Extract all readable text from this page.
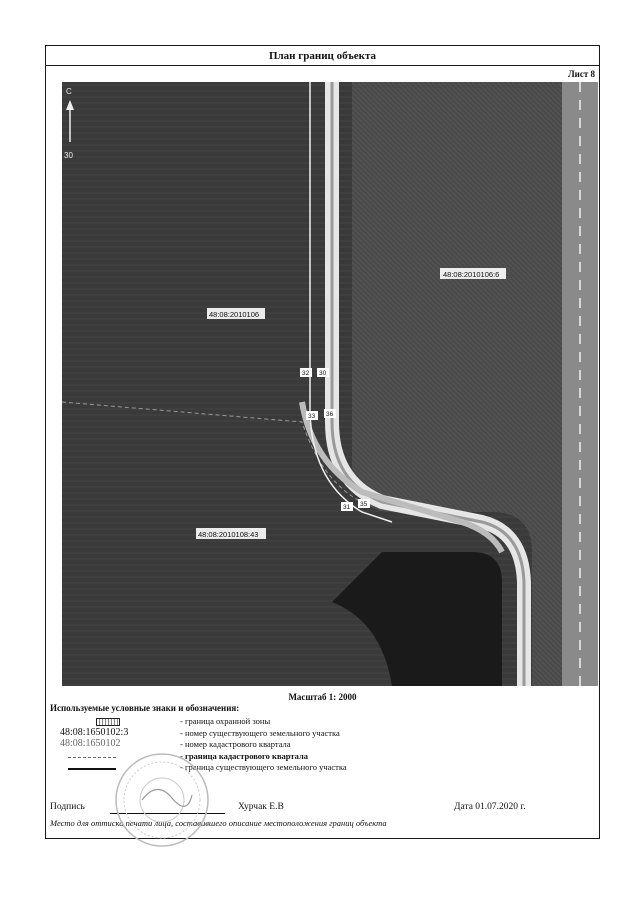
План границ объекта
Лист 8
С
30
48:08:2010106:6
48:08:2010106
48:08:2010108:43
32 30
33 36
31 35
Масштаб 1: 2000
Используемые условные знаки и обозначения:
- граница охранной зоны
48:08:1650102:3	- номер существующего земельного участка
48:08:1650102	- номер кадастрового квартала
- граница кадастрового квартала
- граница существующего земельного участка
Подпись	Хурчак Е.В	Дата 01.07.2020 г.
Место для оттиска печати лица, составившего описание местоположения границ объекта
